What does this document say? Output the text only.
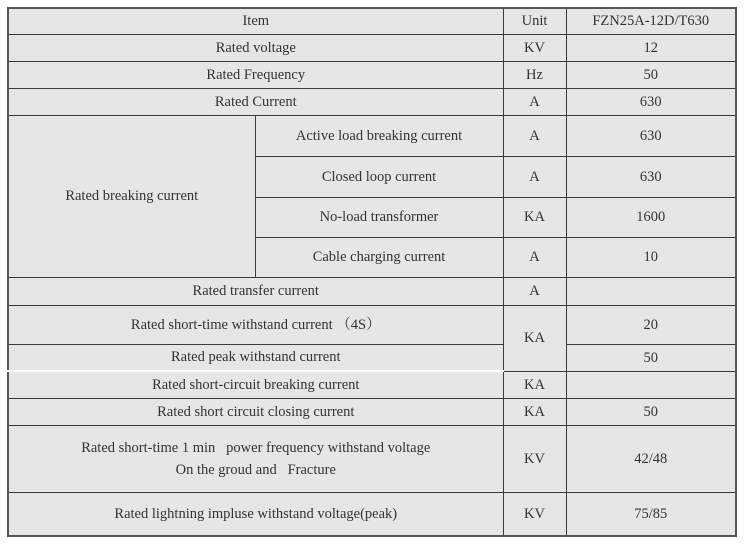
Item		Unit	FZN25A-12D/T630
Rated voltage		KV	12
Rated Frequency		Hz	50
Rated Current		A	630
Rated breaking current	Active load breaking current	A	630
	Closed loop current	A	630
	No-load transformer	KA	1600
	Cable charging current	A	10
Rated transfer current		A	
Rated short-time withstand current （4S）		KA	20
Rated peak withstand current			50
Rated short-circuit breaking current		KA	
Rated short circuit closing current		KA	50

Rated short-time 1 min   power frequency withstand voltage
On the groud and   Fracture		KV	42/48
Rated lightning impluse withstand voltage(peak)		KV	75/85
